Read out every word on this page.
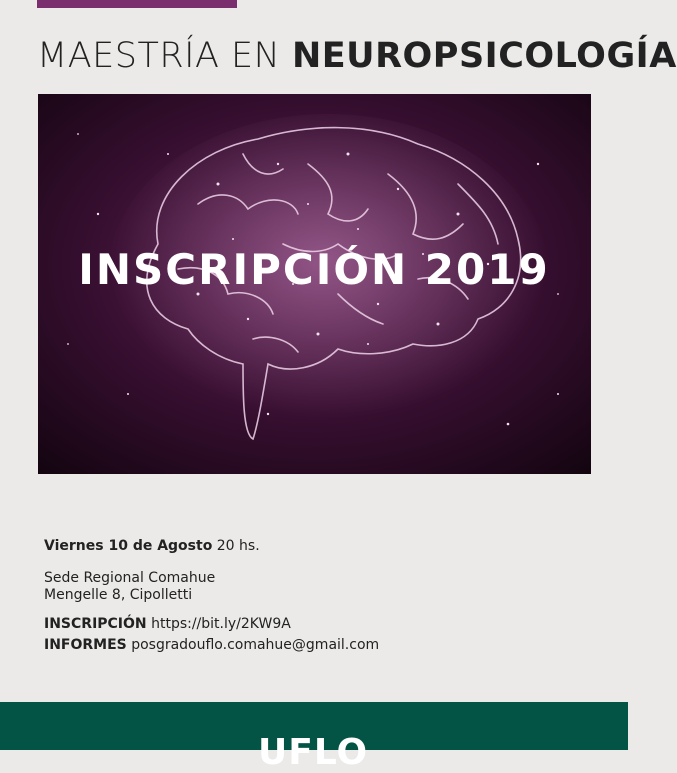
MAESTRÍA EN NEUROPSICOLOGÍA
INSCRIPCIÓN 2019

Viernes 10 de Agosto 20 hs.

Sede Regional Comahue

Mengelle 8, Cipolletti

INSCRIPCIÓN https://bit.ly/2KW9A

INFORMES posgradouflo.comahue@gmail.com

UFLO
